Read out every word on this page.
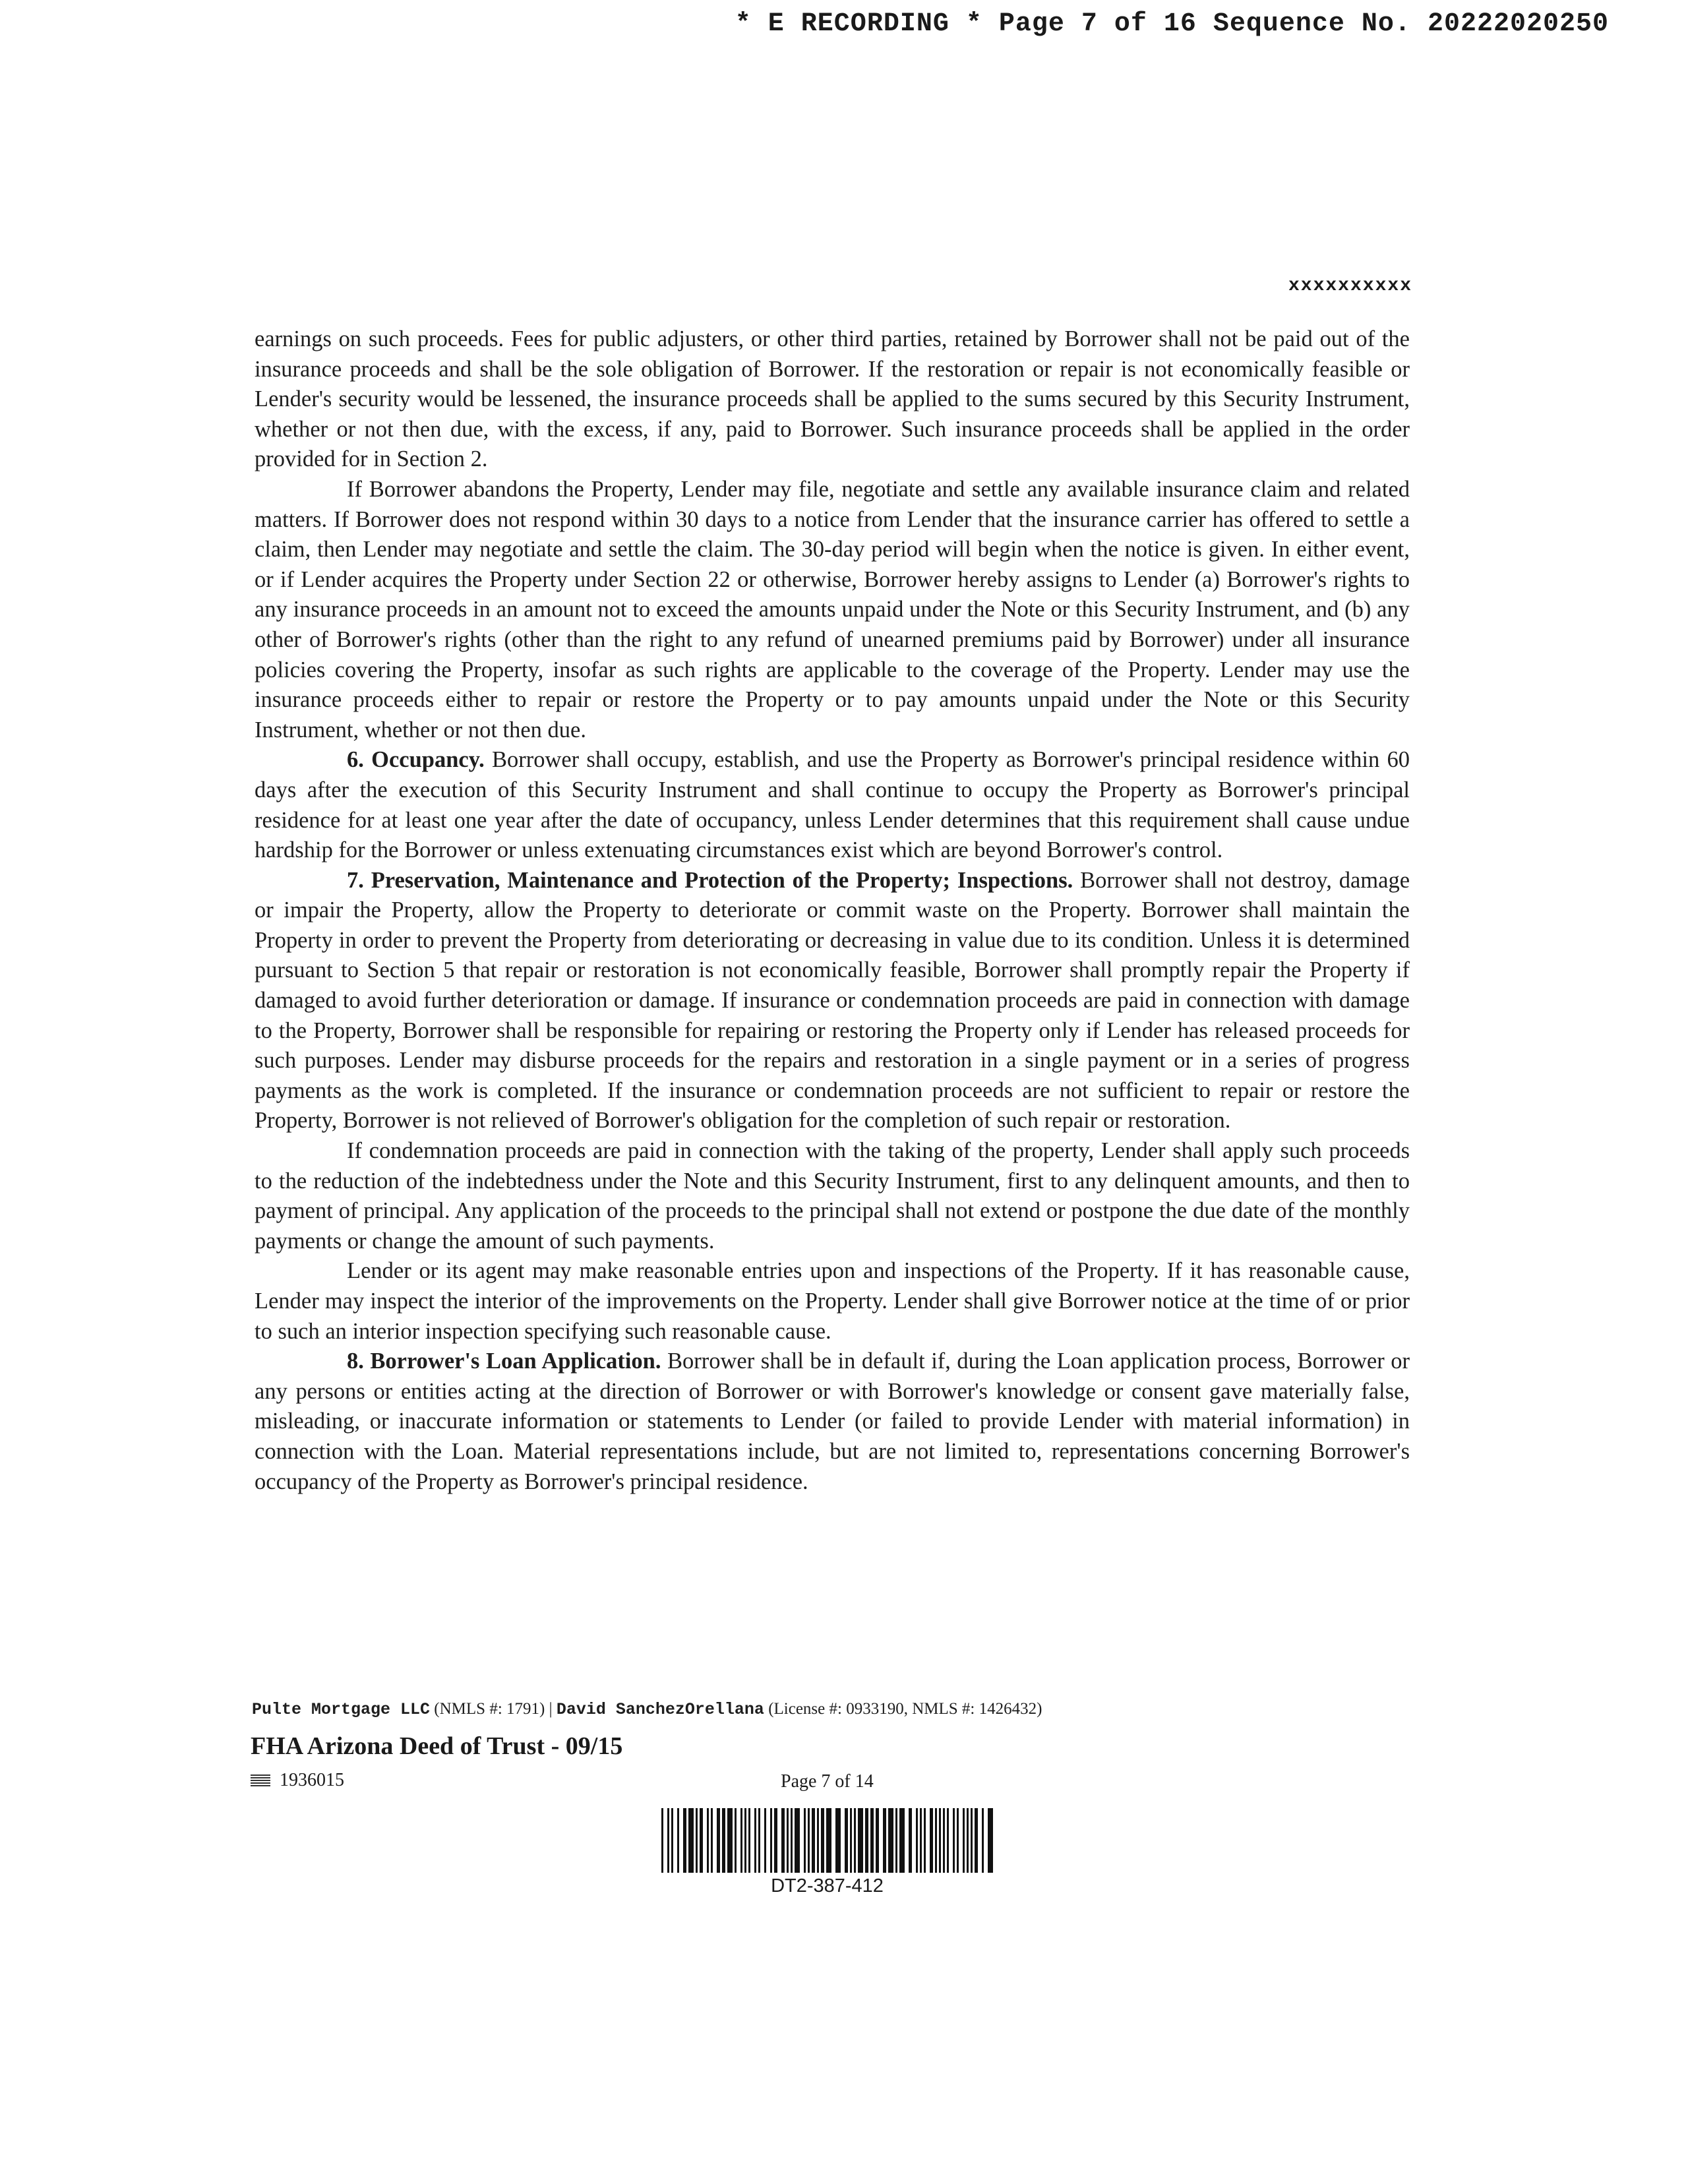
* E RECORDING * Page 7 of 16 Sequence No. 20222020250
xxxxxxxxxx

earnings on such proceeds. Fees for public adjusters, or other third parties, retained by Borrower shall not be paid out of the insurance proceeds and shall be the sole obligation of Borrower. If the restoration or repair is not economically feasible or Lender's security would be lessened, the insurance proceeds shall be applied to the sums secured by this Security Instrument, whether or not then due, with the excess, if any, paid to Borrower. Such insurance proceeds shall be applied in the order provided for in Section 2.

If Borrower abandons the Property, Lender may file, negotiate and settle any available insurance claim and related matters. If Borrower does not respond within 30 days to a notice from Lender that the insurance carrier has offered to settle a claim, then Lender may negotiate and settle the claim. The 30-day period will begin when the notice is given. In either event, or if Lender acquires the Property under Section 22 or otherwise, Borrower hereby assigns to Lender (a) Borrower's rights to any insurance proceeds in an amount not to exceed the amounts unpaid under the Note or this Security Instrument, and (b) any other of Borrower's rights (other than the right to any refund of unearned premiums paid by Borrower) under all insurance policies covering the Property, insofar as such rights are applicable to the coverage of the Property. Lender may use the insurance proceeds either to repair or restore the Property or to pay amounts unpaid under the Note or this Security Instrument, whether or not then due.

6. Occupancy. Borrower shall occupy, establish, and use the Property as Borrower's principal residence within 60 days after the execution of this Security Instrument and shall continue to occupy the Property as Borrower's principal residence for at least one year after the date of occupancy, unless Lender determines that this requirement shall cause undue hardship for the Borrower or unless extenuating circumstances exist which are beyond Borrower's control.

7. Preservation, Maintenance and Protection of the Property; Inspections. Borrower shall not destroy, damage or impair the Property, allow the Property to deteriorate or commit waste on the Property. Borrower shall maintain the Property in order to prevent the Property from deteriorating or decreasing in value due to its condition. Unless it is determined pursuant to Section 5 that repair or restoration is not economically feasible, Borrower shall promptly repair the Property if damaged to avoid further deterioration or damage. If insurance or condemnation proceeds are paid in connection with damage to the Property, Borrower shall be responsible for repairing or restoring the Property only if Lender has released proceeds for such purposes. Lender may disburse proceeds for the repairs and restoration in a single payment or in a series of progress payments as the work is completed. If the insurance or condemnation proceeds are not sufficient to repair or restore the Property, Borrower is not relieved of Borrower's obligation for the completion of such repair or restoration.

If condemnation proceeds are paid in connection with the taking of the property, Lender shall apply such proceeds to the reduction of the indebtedness under the Note and this Security Instrument, first to any delinquent amounts, and then to payment of principal. Any application of the proceeds to the principal shall not extend or postpone the due date of the monthly payments or change the amount of such payments.

Lender or its agent may make reasonable entries upon and inspections of the Property. If it has reasonable cause, Lender may inspect the interior of the improvements on the Property. Lender shall give Borrower notice at the time of or prior to such an interior inspection specifying such reasonable cause.

8. Borrower's Loan Application. Borrower shall be in default if, during the Loan application process, Borrower or any persons or entities acting at the direction of Borrower or with Borrower's knowledge or consent gave materially false, misleading, or inaccurate information or statements to Lender (or failed to provide Lender with material information) in connection with the Loan. Material representations include, but are not limited to, representations concerning Borrower's occupancy of the Property as Borrower's principal residence.

Pulte Mortgage LLC (NMLS #: 1791) | David SanchezOrellana (License #: 0933190, NMLS #: 1426432)
FHA Arizona Deed of Trust - 09/15
1936015	Page 7 of 14
DT2-387-412
